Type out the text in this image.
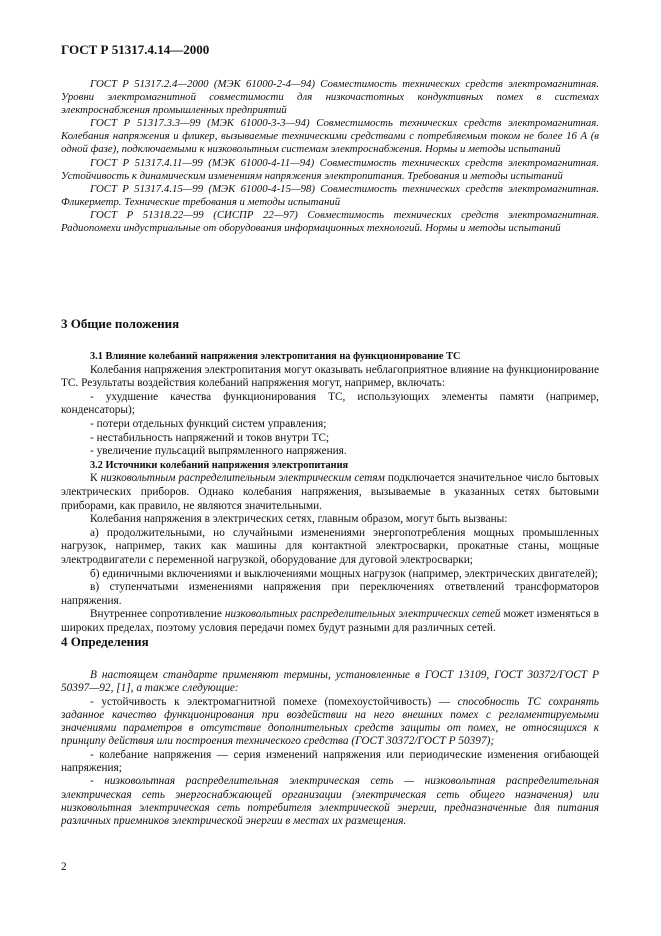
ГОСТ Р 51317.4.14—2000

ГОСТ Р 51317.2.4—2000 (МЭК 61000-2-4—94) Совместимость технических средств электромагнитная. Уровни электромагнитной совместимости для низкочастотных кондуктивных помех в системах электроснабжения промышленных предприятий

ГОСТ Р 51317.3.3—99 (МЭК 61000-3-3—94) Совместимость технических средств электромагнитная. Колебания напряжения и фликер, вызываемые техническими средствами с потребляемым током не более 16 А (в одной фазе), подключаемыми к низковольтным системам электроснабжения. Нормы и методы испытаний

ГОСТ Р 51317.4.11—99 (МЭК 61000-4-11—94) Совместимость технических средств электромагнитная. Устойчивость к динамическим изменениям напряжения электропитания. Требования и методы испытаний

ГОСТ Р 51317.4.15—99 (МЭК 61000-4-15—98) Совместимость технических средств электромагнитная. Фликерметр. Технические требования и методы испытаний

ГОСТ Р 51318.22—99 (СИСПР 22—97) Совместимость технических средств электромагнитная. Радиопомехи индустриальные от оборудования информационных технологий. Нормы и методы испытаний

3 Общие положения
3.1 Влияние колебаний напряжения электропитания на функционирование ТС

Колебания напряжения электропитания могут оказывать неблагоприятное влияние на функционирование ТС. Результаты воздействия колебаний напряжения могут, например, включать:

- ухудшение качества функционирования ТС, использующих элементы памяти (например, конденсаторы);

- потери отдельных функций систем управления;

- нестабильность напряжений и токов внутри ТС;

- увеличение пульсаций выпрямленного напряжения.

3.2 Источники колебаний напряжения электропитания

К низковольтным распределительным электрическим сетям подключается значительное число бытовых электрических приборов. Однако колебания напряжения, вызываемые в указанных сетях бытовыми приборами, как правило, не являются значительными.

Колебания напряжения в электрических сетях, главным образом, могут быть вызваны:

а) продолжительными, но случайными изменениями энергопотребления мощных промышленных нагрузок, например, таких как машины для контактной электросварки, прокатные станы, мощные электродвигатели с переменной нагрузкой, оборудование для дуговой электросварки;

б) единичными включениями и выключениями мощных нагрузок (например, электрических двигателей);

в) ступенчатыми изменениями напряжения при переключениях ответвлений трансформаторов напряжения.

Внутреннее сопротивление низковольтных распределительных электрических сетей может изменяться в широких пределах, поэтому условия передачи помех будут разными для различных сетей.

4 Определения

В настоящем стандарте применяют термины, установленные в ГОСТ 13109, ГОСТ 30372/ГОСТ Р 50397—92, [1], а также следующие:

- устойчивость к электромагнитной помехе (помехоустойчивость) — способность ТС сохранять заданное качество функционирования при воздействии на него внешних помех с регламентируемыми значениями параметров в отсутствие дополнительных средств защиты от помех, не относящихся к принципу действия или построения технического средства (ГОСТ 30372/ГОСТ Р 50397);

- колебание напряжения — серия изменений напряжения или периодические изменения огибающей напряжения;

- низковольтная распределительная электрическая сеть — низковольтная распределительная электрическая сеть энергоснабжающей организации (электрическая сеть общего назначения) или низковольтная электрическая сеть потребителя электрической энергии, предназначенные для питания различных приемников электрической энергии в местах их размещения.

2
